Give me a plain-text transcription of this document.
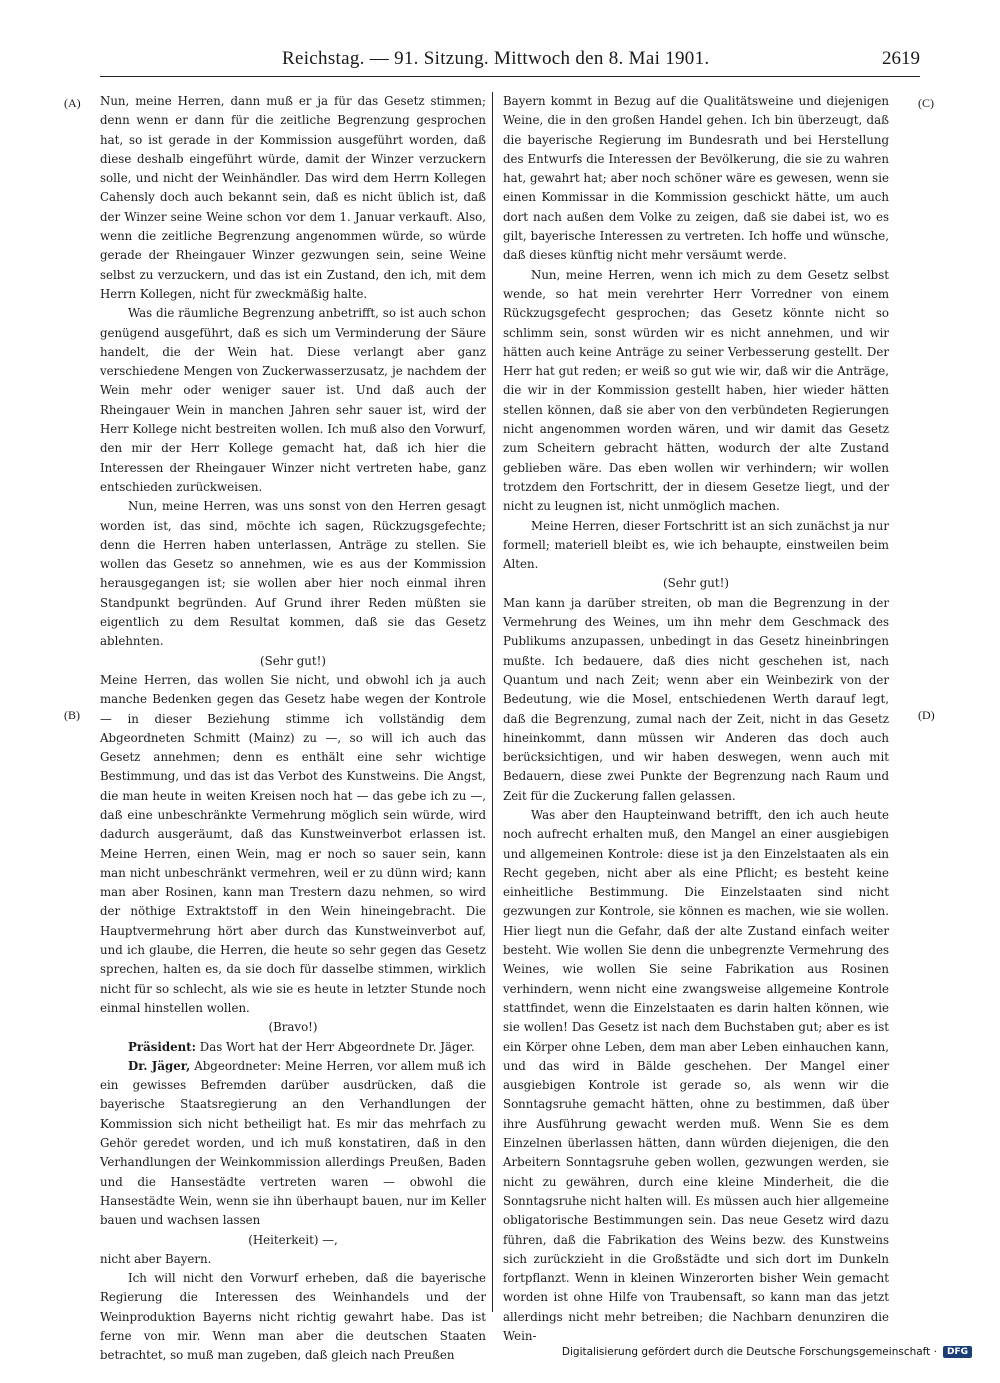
Reichstag. — 91. Sitzung. Mittwoch den 8. Mai 1901.	2619
(A)
(B)
(C)
(D)

Nun, meine Herren, dann muß er ja für das Gesetz stimmen; denn wenn er dann für die zeitliche Begrenzung gesprochen hat, so ist gerade in der Kommission ausgeführt worden, daß diese deshalb eingeführt würde, damit der Winzer verzuckern solle, und nicht der Weinhändler. Das wird dem Herrn Kollegen Cahensly doch auch bekannt sein, daß es nicht üblich ist, daß der Winzer seine Weine schon vor dem 1. Januar verkauft. Also, wenn die zeitliche Begrenzung angenommen würde, so würde gerade der Rheingauer Winzer gezwungen sein, seine Weine selbst zu verzuckern, und das ist ein Zustand, den ich, mit dem Herrn Kollegen, nicht für zweckmäßig halte.

Was die räumliche Begrenzung anbetrifft, so ist auch schon genügend ausgeführt, daß es sich um Verminderung der Säure handelt, die der Wein hat. Diese verlangt aber ganz verschiedene Mengen von Zuckerwasserzusatz, je nachdem der Wein mehr oder weniger sauer ist. Und daß auch der Rheingauer Wein in manchen Jahren sehr sauer ist, wird der Herr Kollege nicht bestreiten wollen. Ich muß also den Vorwurf, den mir der Herr Kollege gemacht hat, daß ich hier die Interessen der Rheingauer Winzer nicht vertreten habe, ganz entschieden zurückweisen.

Nun, meine Herren, was uns sonst von den Herren gesagt worden ist, das sind, möchte ich sagen, Rückzugsgefechte; denn die Herren haben unterlassen, Anträge zu stellen. Sie wollen das Gesetz so annehmen, wie es aus der Kommission herausgegangen ist; sie wollen aber hier noch einmal ihren Standpunkt begründen. Auf Grund ihrer Reden müßten sie eigentlich zu dem Resultat kommen, daß sie das Gesetz ablehnten.

(Sehr gut!)

Meine Herren, das wollen Sie nicht, und obwohl ich ja auch manche Bedenken gegen das Gesetz habe wegen der Kontrole — in dieser Beziehung stimme ich vollständig dem Abgeordneten Schmitt (Mainz) zu —, so will ich auch das Gesetz annehmen; denn es enthält eine sehr wichtige Bestimmung, und das ist das Verbot des Kunstweins. Die Angst, die man heute in weiten Kreisen noch hat — das gebe ich zu —, daß eine unbeschränkte Vermehrung möglich sein würde, wird dadurch ausgeräumt, daß das Kunstweinverbot erlassen ist. Meine Herren, einen Wein, mag er noch so sauer sein, kann man nicht unbeschränkt vermehren, weil er zu dünn wird; kann man aber Rosinen, kann man Trestern dazu nehmen, so wird der nöthige Extraktstoff in den Wein hineingebracht. Die Hauptvermehrung hört aber durch das Kunstweinverbot auf, und ich glaube, die Herren, die heute so sehr gegen das Gesetz sprechen, halten es, da sie doch für dasselbe stimmen, wirklich nicht für so schlecht, als wie sie es heute in letzter Stunde noch einmal hinstellen wollen.

(Bravo!)

Präsident: Das Wort hat der Herr Abgeordnete Dr. Jäger.

Dr. Jäger, Abgeordneter: Meine Herren, vor allem muß ich ein gewisses Befremden darüber ausdrücken, daß die bayerische Staatsregierung an den Verhandlungen der Kommission sich nicht betheiligt hat. Es mir das mehrfach zu Gehör geredet worden, und ich muß konstatiren, daß in den Verhandlungen der Weinkommission allerdings Preußen, Baden und die Hansestädte vertreten waren — obwohl die Hansestädte Wein, wenn sie ihn überhaupt bauen, nur im Keller bauen und wachsen lassen

(Heiterkeit) —,

nicht aber Bayern.

Ich will nicht den Vorwurf erheben, daß die bayerische Regierung die Interessen des Weinhandels und der Weinproduktion Bayerns nicht richtig gewahrt habe. Das ist ferne von mir. Wenn man aber die deutschen Staaten betrachtet, so muß man zugeben, daß gleich nach Preußen

Bayern kommt in Bezug auf die Qualitätsweine und diejenigen Weine, die in den großen Handel gehen. Ich bin überzeugt, daß die bayerische Regierung im Bundesrath und bei Herstellung des Entwurfs die Interessen der Bevölkerung, die sie zu wahren hat, gewahrt hat; aber noch schöner wäre es gewesen, wenn sie einen Kommissar in die Kommission geschickt hätte, um auch dort nach außen dem Volke zu zeigen, daß sie dabei ist, wo es gilt, bayerische Interessen zu vertreten. Ich hoffe und wünsche, daß dieses künftig nicht mehr versäumt werde.

Nun, meine Herren, wenn ich mich zu dem Gesetz selbst wende, so hat mein verehrter Herr Vorredner von einem Rückzugsgefecht gesprochen; das Gesetz könnte nicht so schlimm sein, sonst würden wir es nicht annehmen, und wir hätten auch keine Anträge zu seiner Verbesserung gestellt. Der Herr hat gut reden; er weiß so gut wie wir, daß wir die Anträge, die wir in der Kommission gestellt haben, hier wieder hätten stellen können, daß sie aber von den verbündeten Regierungen nicht angenommen worden wären, und wir damit das Gesetz zum Scheitern gebracht hätten, wodurch der alte Zustand geblieben wäre. Das eben wollen wir verhindern; wir wollen trotzdem den Fortschritt, der in diesem Gesetze liegt, und der nicht zu leugnen ist, nicht unmöglich machen.

Meine Herren, dieser Fortschritt ist an sich zunächst ja nur formell; materiell bleibt es, wie ich behaupte, einstweilen beim Alten.

(Sehr gut!)

Man kann ja darüber streiten, ob man die Begrenzung in der Vermehrung des Weines, um ihn mehr dem Geschmack des Publikums anzupassen, unbedingt in das Gesetz hineinbringen mußte. Ich bedauere, daß dies nicht geschehen ist, nach Quantum und nach Zeit; wenn aber ein Weinbezirk von der Bedeutung, wie die Mosel, entschiedenen Werth darauf legt, daß die Begrenzung, zumal nach der Zeit, nicht in das Gesetz hineinkommt, dann müssen wir Anderen das doch auch berücksichtigen, und wir haben deswegen, wenn auch mit Bedauern, diese zwei Punkte der Begrenzung nach Raum und Zeit für die Zuckerung fallen gelassen.

Was aber den Haupteinwand betrifft, den ich auch heute noch aufrecht erhalten muß, den Mangel an einer ausgiebigen und allgemeinen Kontrole: diese ist ja den Einzelstaaten als ein Recht gegeben, nicht aber als eine Pflicht; es besteht keine einheitliche Bestimmung. Die Einzelstaaten sind nicht gezwungen zur Kontrole, sie können es machen, wie sie wollen. Hier liegt nun die Gefahr, daß der alte Zustand einfach weiter besteht. Wie wollen Sie denn die unbegrenzte Vermehrung des Weines, wie wollen Sie seine Fabrikation aus Rosinen verhindern, wenn nicht eine zwangsweise allgemeine Kontrole stattfindet, wenn die Einzelstaaten es darin halten können, wie sie wollen! Das Gesetz ist nach dem Buchstaben gut; aber es ist ein Körper ohne Leben, dem man aber Leben einhauchen kann, und das wird in Bälde geschehen. Der Mangel einer ausgiebigen Kontrole ist gerade so, als wenn wir die Sonntagsruhe gemacht hätten, ohne zu bestimmen, daß über ihre Ausführung gewacht werden muß. Wenn Sie es dem Einzelnen überlassen hätten, dann würden diejenigen, die den Arbeitern Sonntagsruhe geben wollen, gezwungen werden, sie nicht zu gewähren, durch eine kleine Minderheit, die die Sonntagsruhe nicht halten will. Es müssen auch hier allgemeine obligatorische Bestimmungen sein. Das neue Gesetz wird dazu führen, daß die Fabrikation des Weins bezw. des Kunstweins sich zurückzieht in die Großstädte und sich dort im Dunkeln fortpflanzt. Wenn in kleinen Winzerorten bisher Wein gemacht worden ist ohne Hilfe von Traubensaft, so kann man das jetzt allerdings nicht mehr betreiben; die Nachbarn denunziren die Wein-

Digitalisierung gefördert durch die Deutsche Forschungsgemeinschaft ·	DFG
